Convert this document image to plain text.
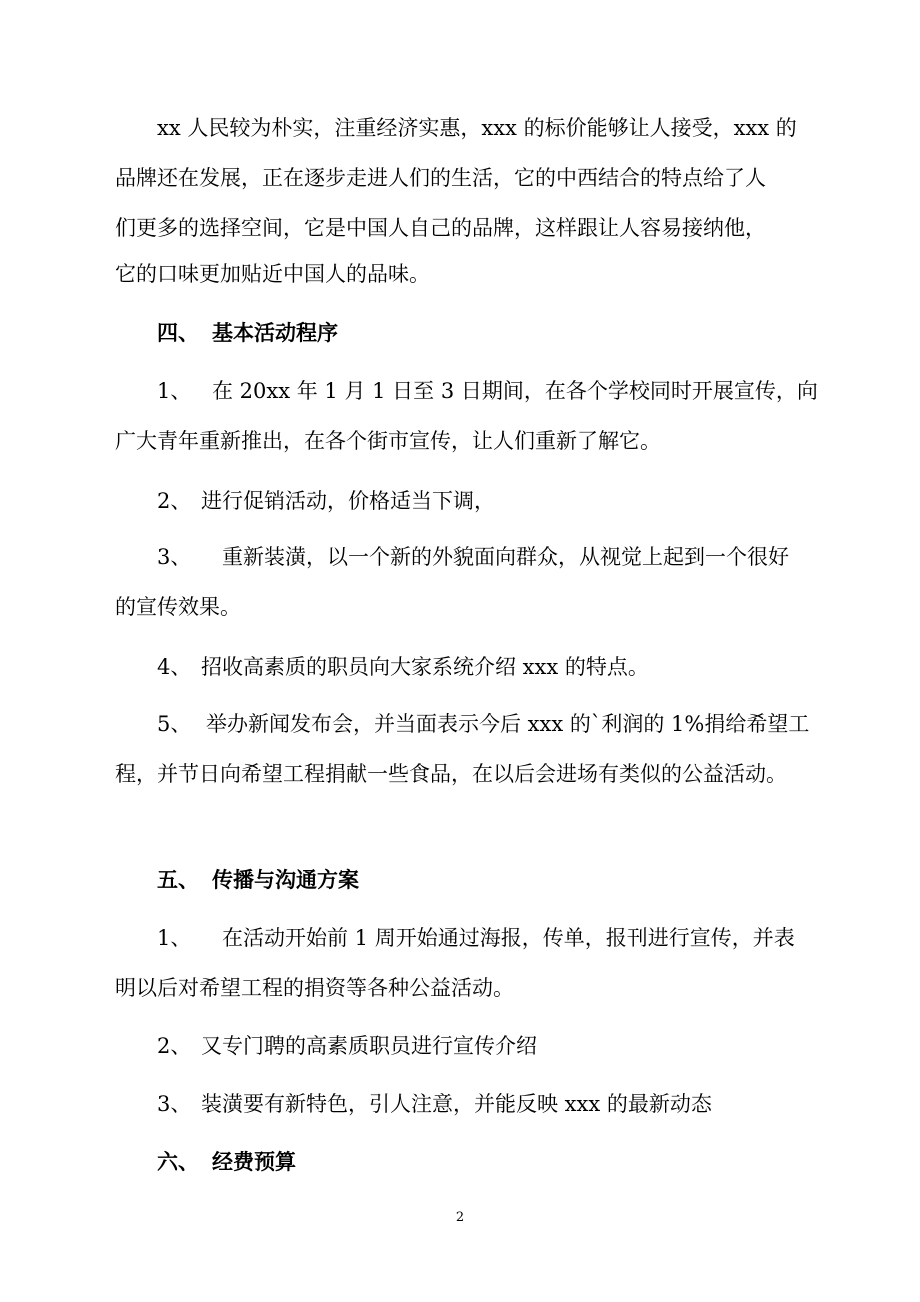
xx 人民较为朴实，注重经济实惠，xxx 的标价能够让人接受，xxx 的
品牌还在发展，正在逐步走进人们的生活，它的中西结合的特点给了人
们更多的选择空间，它是中国人自己的品牌，这样跟让人容易接纳他，
它的口味更加贴近中国人的品味。
四、 基本活动程序
1、 在 20xx 年 1 月 1 日至 3 日期间，在各个学校同时开展宣传，向
广大青年重新推出，在各个街市宣传，让人们重新了解它。
2、 进行促销活动，价格适当下调，
3、 重新装潢，以一个新的外貌面向群众，从视觉上起到一个很好
的宣传效果。
4、 招收高素质的职员向大家系统介绍 xxx 的特点。
5、 举办新闻发布会，并当面表示今后 xxx 的`利润的 1%捐给希望工
程，并节日向希望工程捐献一些食品，在以后会进场有类似的公益活动。
五、 传播与沟通方案
1、 在活动开始前 1 周开始通过海报，传单，报刊进行宣传，并表
明以后对希望工程的捐资等各种公益活动。
2、 又专门聘的高素质职员进行宣传介绍
3、 装潢要有新特色，引人注意，并能反映 xxx 的最新动态
六、 经费预算
2
